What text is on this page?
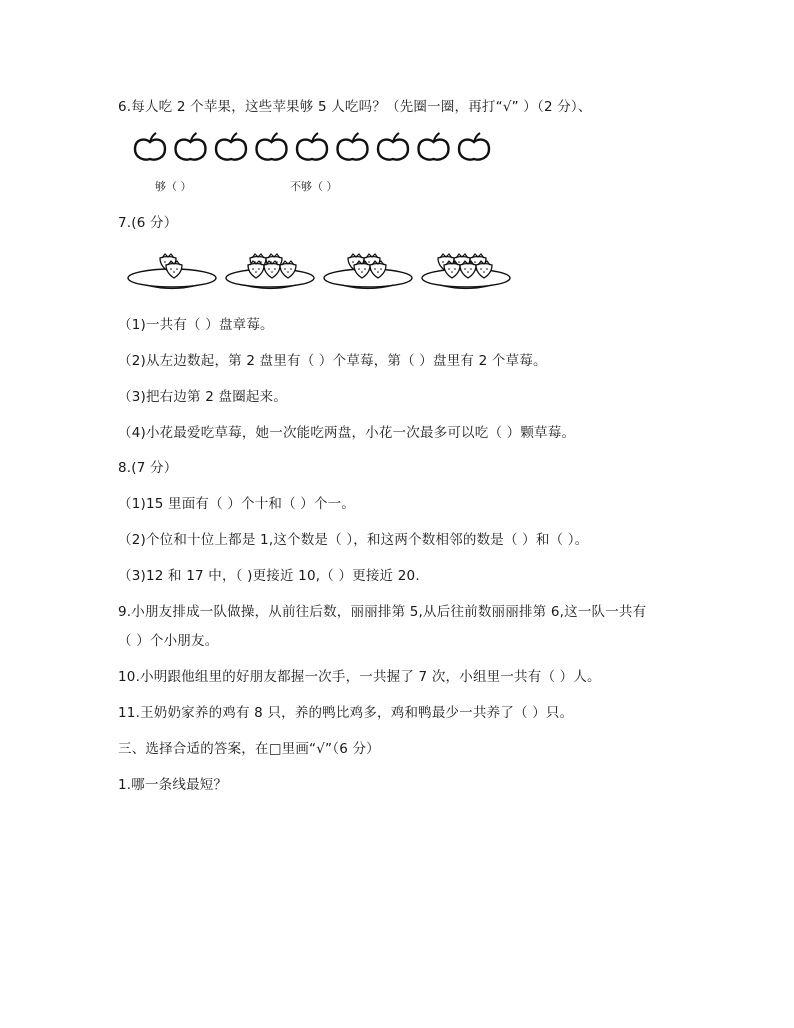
6.每人吃 2 个苹果，这些苹果够 5 人吃吗？（先圈一圈，再打“√” ）（2 分）、
够（ ）	不够（ ）
7.(6 分）
（1)一共有（ ）盘章莓。
（2)从左边数起，第 2 盘里有（ ）个草莓，第（ ）盘里有 2 个草莓。
（3)把右边第 2 盘圈起来。
（4)小花最爱吃草莓，她一次能吃两盘，小花一次最多可以吃（ ）颗草莓。
8.(7 分）
（1)15 里面有（ ）个十和（ ）个一。
（2)个位和十位上都是 1,这个数是（ ），和这两个数相邻的数是（ ）和（ ）。
（3)12 和 17 中，（ )更接近 10,（ ）更接近 20.
9.小朋友排成一队做操，从前往后数，丽丽排第 5,从后往前数丽丽排第 6,这一队一共有
（ ）个小朋友。
10.小明跟他组里的好朋友都握一次手，一共握了 7 次，小组里一共有（ ）人。
11.王奶奶家养的鸡有 8 只，养的鸭比鸡多，鸡和鸭最少一共养了（ ）只。
三、选择合适的答案，在□里画“√”（6 分）
1.哪一条线最短？
